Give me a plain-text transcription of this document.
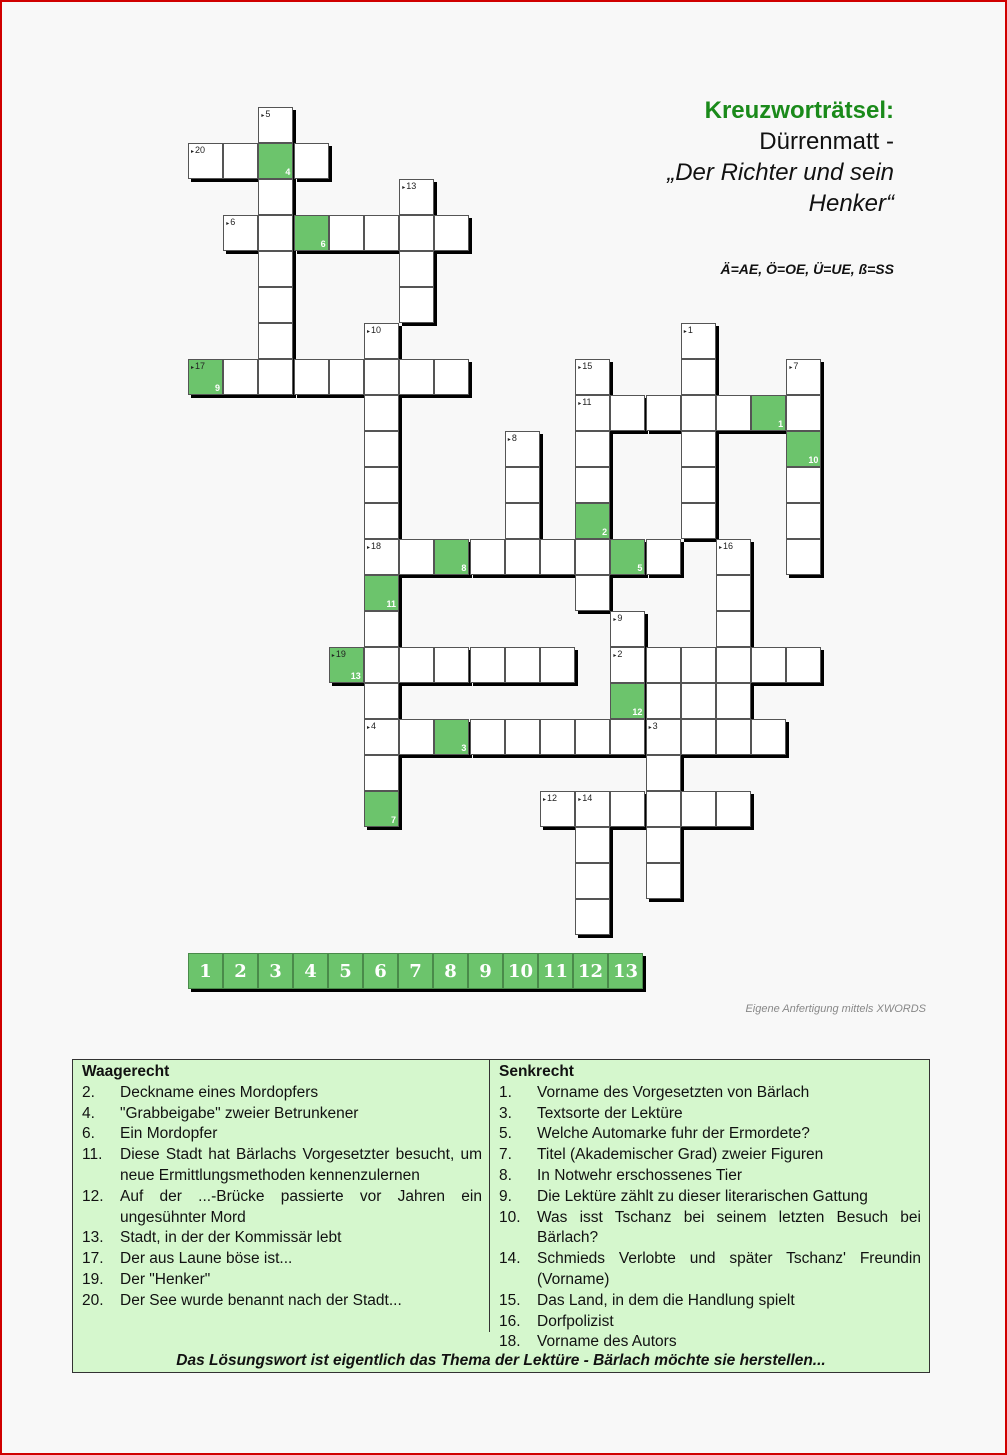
Kreuzworträtsel:
Dürrenmatt -
„Der Richter und sein
Henker“
Ä=AE, Ö=OE, Ü=UE, ß=SS
▸ 5
▸ 20
4
▸ 13
▸ 6
6
▸ 10	▸ 1
▸ 17
9
▸ 15	▸ 7
▸ 11
1
▸ 8
10
2
▸ 18
8	5
▸ 16
11
▸ 9
▸ 19
13
▸ 2
12
▸ 4
3
▸ 3
7
▸ 12	▸ 14
1	2	3	4	5	6	7	8	9 10 11 12 13
Eigene Anfertigung mittels XWORDS
Waagerecht
2.	Deckname eines Mordopfers
4.	"Grabbeigabe" zweier Betrunkener
6.	Ein Mordopfer
11.	Diese Stadt hat Bärlachs Vorgesetzter besucht, um neue Ermittlungsmethoden kennenzulernen
12.	Auf der ...-Brücke passierte vor Jahren ein ungesühnter Mord
13.	Stadt, in der der Kommissär lebt
17.	Der aus Laune böse ist...
19.	Der "Henker"
20.	Der See wurde benannt nach der Stadt...
Senkrecht
1.	Vorname des Vorgesetzten von Bärlach
3.	Textsorte der Lektüre
5.	Welche Automarke fuhr der Ermordete?
7.	Titel (Akademischer Grad) zweier Figuren
8.	In Notwehr erschossenes Tier
9.	Die Lektüre zählt zu dieser literarischen Gattung
10.	Was isst Tschanz bei seinem letzten Besuch bei Bärlach?
14.	Schmieds Verlobte und später Tschanz' Freundin (Vorname)
15.	Das Land, in dem die Handlung spielt
16.	Dorfpolizist
18.	Vorname des Autors
Das Lösungswort ist eigentlich das Thema der Lektüre - Bärlach möchte sie herstellen...
